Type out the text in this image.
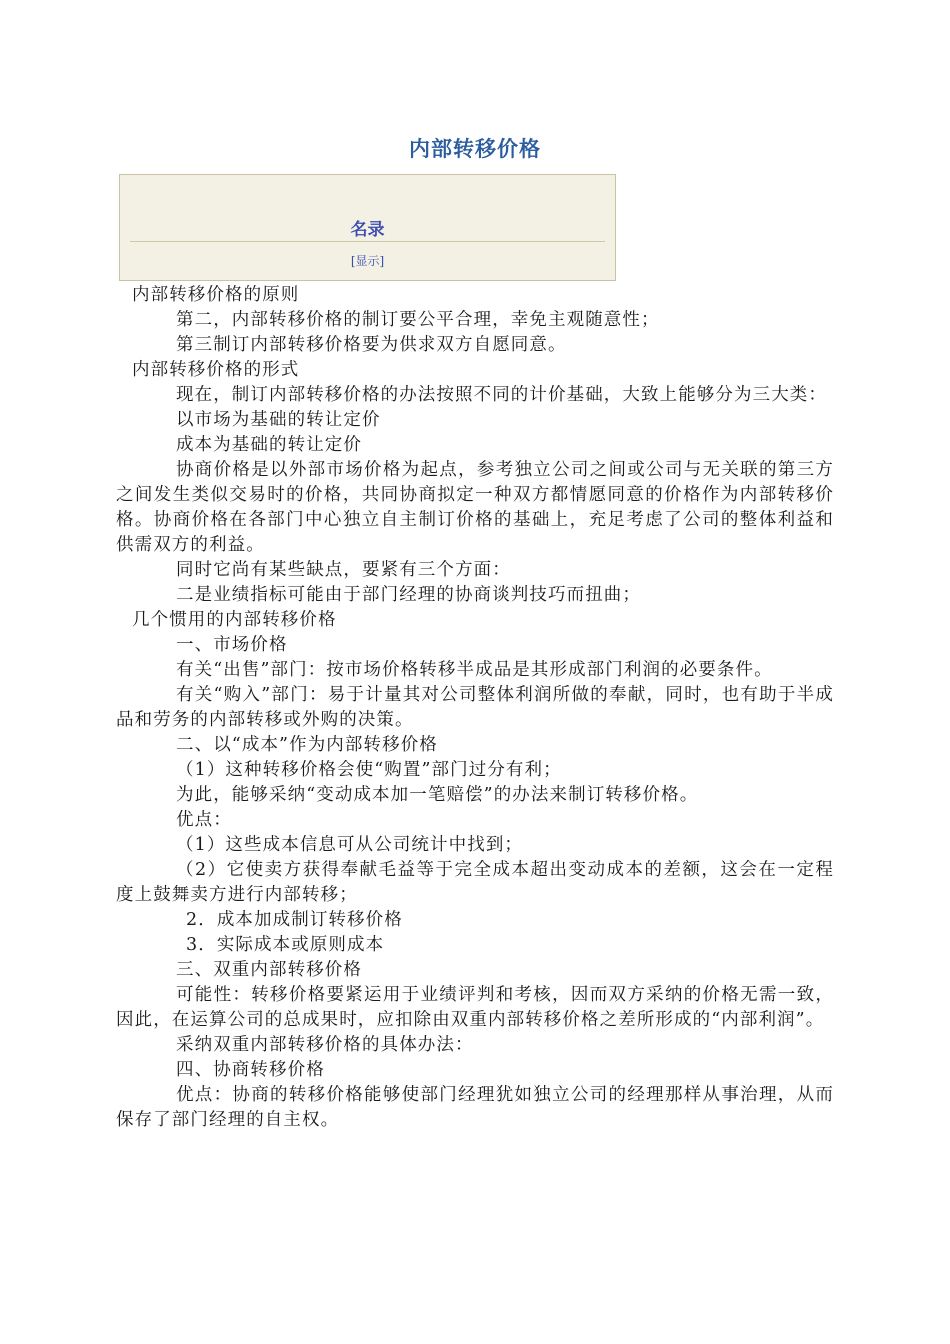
内部转移价格
名录
[显示]

内部转移价格的原则

第二，内部转移价格的制订要公平合理，幸免主观随意性；

第三制订内部转移价格要为供求双方自愿同意。

内部转移价格的形式

现在，制订内部转移价格的办法按照不同的计价基础，大致上能够分为三大类：

以市场为基础的转让定价

成本为基础的转让定价

协商价格是以外部市场价格为起点，参考独立公司之间或公司与无关联的第三方之间发生类似交易时的价格，共同协商拟定一种双方都情愿同意的价格作为内部转移价格。协商价格在各部门中心独立自主制订价格的基础上，充足考虑了公司的整体利益和供需双方的利益。

同时它尚有某些缺点，要紧有三个方面：

二是业绩指标可能由于部门经理的协商谈判技巧而扭曲；

几个惯用的内部转移价格

一、市场价格

有关“出售”部门：按市场价格转移半成品是其形成部门利润的必要条件。

有关“购入”部门：易于计量其对公司整体利润所做的奉献，同时，也有助于半成品和劳务的内部转移或外购的决策。

二、以“成本”作为内部转移价格

（1）这种转移价格会使“购置”部门过分有利；

为此，能够采纳“变动成本加一笔赔偿”的办法来制订转移价格。

优点：

（1）这些成本信息可从公司统计中找到；

（2）它使卖方获得奉献毛益等于完全成本超出变动成本的差额，这会在一定程度上鼓舞卖方进行内部转移；

2．成本加成制订转移价格

3．实际成本或原则成本

三、双重内部转移价格

可能性：转移价格要紧运用于业绩评判和考核，因而双方采纳的价格无需一致，因此，在运算公司的总成果时，应扣除由双重内部转移价格之差所形成的“内部利润”。

采纳双重内部转移价格的具体办法：

四、协商转移价格

优点：协商的转移价格能够使部门经理犹如独立公司的经理那样从事治理，从而保存了部门经理的自主权。
